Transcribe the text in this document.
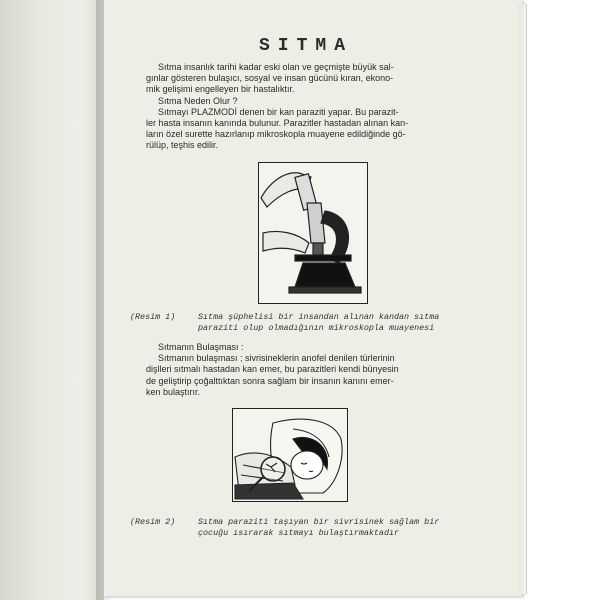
SITMA

Sıtma insanlık tarihi kadar eski olan ve geçmişte büyük sal-

gınlar gösteren bulaşıcı, sosyal ve insan gücünü kıran, ekono-

mik gelişimi engelleyen bir hastalıktır.

Sıtma Neden Olur ?

Sıtmayı PLAZMODİ denen bir kan paraziti yapar. Bu parazit-

ler hasta insanın kanında bulunur. Parazitler hastadan alınan kan-

ların özel surette hazırlanıp mikroskopla muayene edildiğinde gö-

rülüp, teşhis edilir.

(Resim 1)	Sıtma şüphelisi bir insandan alınan kandan sıtma
paraziti olup olmadığının mikroskopla muayenesi

Sıtmanın Bulaşması :

Sıtmanın bulaşması ; sivrisineklerin anofel denilen türlerinin

dişlleri sıtmalı hastadan kan emer, bu parazitleri kendi bünyesin

de geliştirip çoğalttıktan sonra sağlam bir insanın kanını emer-

ken bulaştırır.

(Resim 2)	Sıtma paraziti taşıyan bir sivrisinek sağlam bir
çocuğu ısırarak sıtmayı bulaştırmaktadır
